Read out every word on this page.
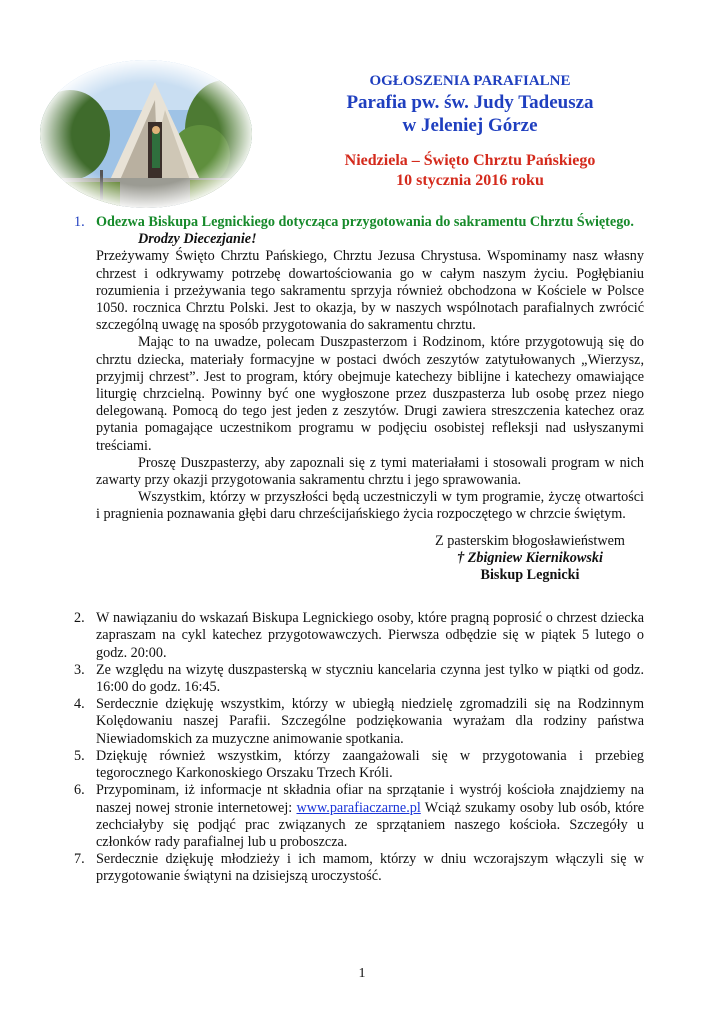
OGŁOSZENIA PARAFIALNE
Parafia pw. św. Judy Tadeusza
w Jeleniej Górze
Niedziela – Święto Chrztu Pańskiego
10 stycznia 2016 roku
1. Odezwa Biskupa Legnickiego dotycząca przygotowania do sakramentu Chrztu Świętego.
Drodzy Diecezjanie!
Przeżywamy Święto Chrztu Pańskiego, Chrztu Jezusa Chrystusa. Wspominamy nasz własny chrzest i odkrywamy potrzebę dowartościowania go w całym naszym życiu. Pogłębianiu rozumienia i przeżywania tego sakramentu sprzyja również obchodzona w Kościele w Polsce 1050. rocznica Chrztu Polski. Jest to okazja, by w naszych wspólnotach parafialnych zwrócić szczególną uwagę na sposób przygotowania do sakramentu chrztu.
Mając to na uwadze, polecam Duszpasterzom i Rodzinom, które przygotowują się do chrztu dziecka, materiały formacyjne w postaci dwóch zeszytów zatytułowanych „Wierzysz, przyjmij chrzest”. Jest to program, który obejmuje katechezy biblijne i katechezy omawiające liturgię chrzcielną. Powinny być one wygłoszone przez duszpasterza lub osobę przez niego delegowaną. Pomocą do tego jest jeden z zeszytów. Drugi zawiera streszczenia katechez oraz pytania pomagające uczestnikom programu w podjęciu osobistej refleksji nad usłyszanymi treściami.
Proszę Duszpasterzy, aby zapoznali się z tymi materiałami i stosowali program w nich zawarty przy okazji przygotowania sakramentu chrztu i jego sprawowania.
Wszystkim, którzy w przyszłości będą uczestniczyli w tym programie, życzę otwartości i pragnienia poznawania głębi daru chrześcijańskiego życia rozpoczętego w chrzcie świętym.
Z pasterskim błogosławieństwem
† Zbigniew Kiernikowski
Biskup Legnicki
2. W nawiązaniu do wskazań Biskupa Legnickiego osoby, które pragną poprosić o chrzest dziecka zapraszam na cykl katechez przygotowawczych. Pierwsza odbędzie się w piątek 5 lutego o godz. 20:00.
3. Ze względu na wizytę duszpasterską w styczniu kancelaria czynna jest tylko w piątki od godz. 16:00 do godz. 16:45.
4. Serdecznie dziękuję wszystkim, którzy w ubiegłą niedzielę zgromadzili się na Rodzinnym Kolędowaniu naszej Parafii. Szczególne podziękowania wyrażam dla rodziny państwa Niewiadomskich za muzyczne animowanie spotkania.
5. Dziękuję również wszystkim, którzy zaangażowali się w przygotowania i przebieg tegorocznego Karkonoskiego Orszaku Trzech Króli.
6. Przypominam, iż informacje nt składnia ofiar na sprzątanie i wystrój kościoła znajdziemy na naszej nowej stronie internetowej: www.parafiaczarne.pl Wciąż szukamy osoby lub osób, które zechciałyby się podjąć prac związanych ze sprzątaniem naszego kościoła. Szczegóły u członków rady parafialnej lub u proboszcza.
7. Serdecznie dziękuję młodzieży i ich mamom, którzy w dniu wczorajszym włączyli się w przygotowanie świątyni na dzisiejszą uroczystość.
1
